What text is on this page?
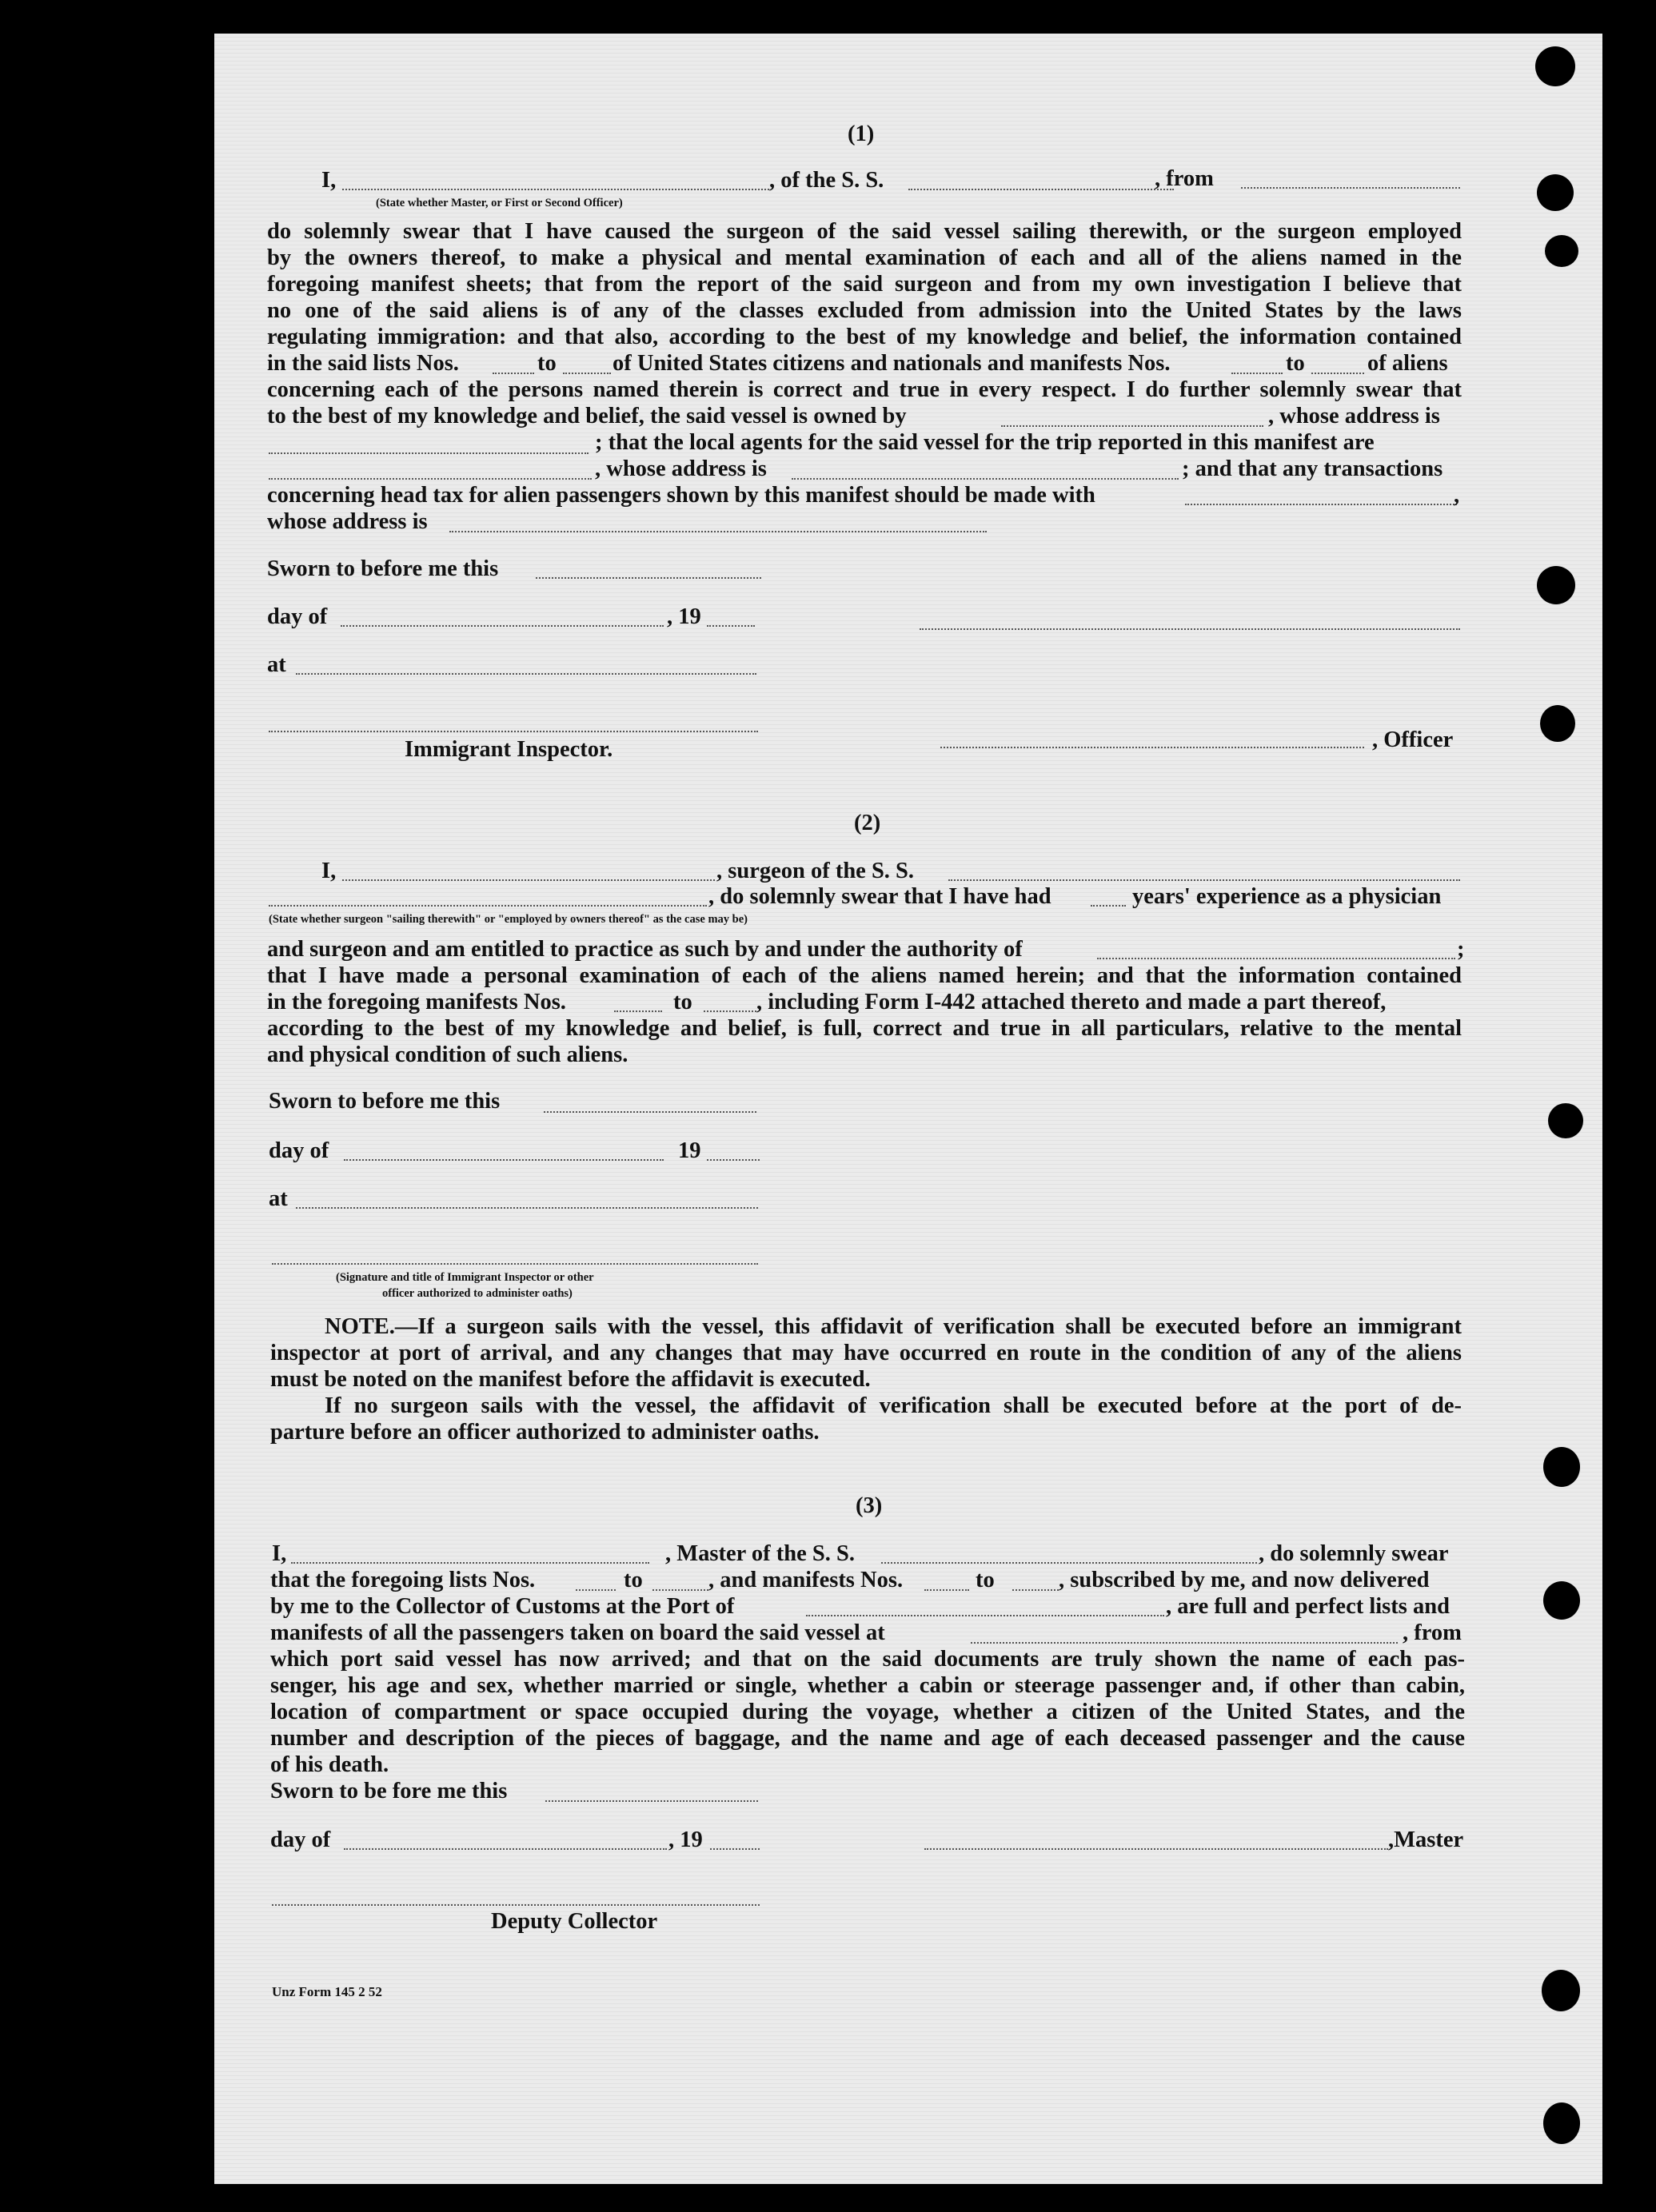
(1)
I,	, of the S. S.	, from
(State whether Master, or First or Second Officer)
do solemnly swear that I have caused the surgeon of the said vessel sailing therewith, or the surgeon employed
by the owners thereof, to make a physical and mental examination of each and all of the aliens named in the
foregoing manifest sheets; that from the report of the said surgeon and from my own investigation I believe that
no one of the said aliens is of any of the classes excluded from admission into the United States by the laws
regulating immigration: and that also, according to the best of my knowledge and belief, the information contained
in the said lists Nos.	to of United States citizens and nationals and manifests Nos.	to	of aliens
concerning each of the persons named therein is correct and true in every respect. I do further solemnly swear that
to the best of my knowledge and belief, the said vessel is owned by	, whose address is
; that the local agents for the said vessel for the trip reported in this manifest are
, whose address is	; and that any transactions
concerning head tax for alien passengers shown by this manifest should be made with	,
whose address is
Sworn to before me this
day of	, 19
at
Immigrant Inspector.	, Officer
(2)
I,	, surgeon of the S. S.
, do solemnly swear that I have had	years' experience as a physician
(State whether surgeon "sailing therewith" or "employed by owners thereof" as the case may be)
and surgeon and am entitled to practice as such by and under the authority of	;
that I have made a personal examination of each of the aliens named herein; and that the information contained
in the foregoing manifests Nos.	to	, including Form I-442 attached thereto and made a part thereof,
according to the best of my knowledge and belief, is full, correct and true in all particulars, relative to the mental
and physical condition of such aliens.
Sworn to before me this
day of	19
at
(Signature and title of Immigrant Inspector or other
officer authorized to administer oaths)
NOTE.—If a surgeon sails with the vessel, this affidavit of verification shall be executed before an immigrant
inspector at port of arrival, and any changes that may have occurred en route in the condition of any of the aliens
must be noted on the manifest before the affidavit is executed.
If no surgeon sails with the vessel, the affidavit of verification shall be executed before at the port of de-
parture before an officer authorized to administer oaths.
(3)
I,	, Master of the S. S.	, do solemnly swear
that the foregoing lists Nos.	to	, and manifests Nos.	to	, subscribed by me, and now delivered
by me to the Collector of Customs at the Port of	, are full and perfect lists and
manifests of all the passengers taken on board the said vessel at	, from
which port said vessel has now arrived; and that on the said documents are truly shown the name of each pas-
senger, his age and sex, whether married or single, whether a cabin or steerage passenger and, if other than cabin,
location of compartment or space occupied during the voyage, whether a citizen of the United States, and the
number and description of the pieces of baggage, and the name and age of each deceased passenger and the cause
of his death.
Sworn to be fore me this
day of	, 19	,Master
Deputy Collector
Unz Form 145 2 52
